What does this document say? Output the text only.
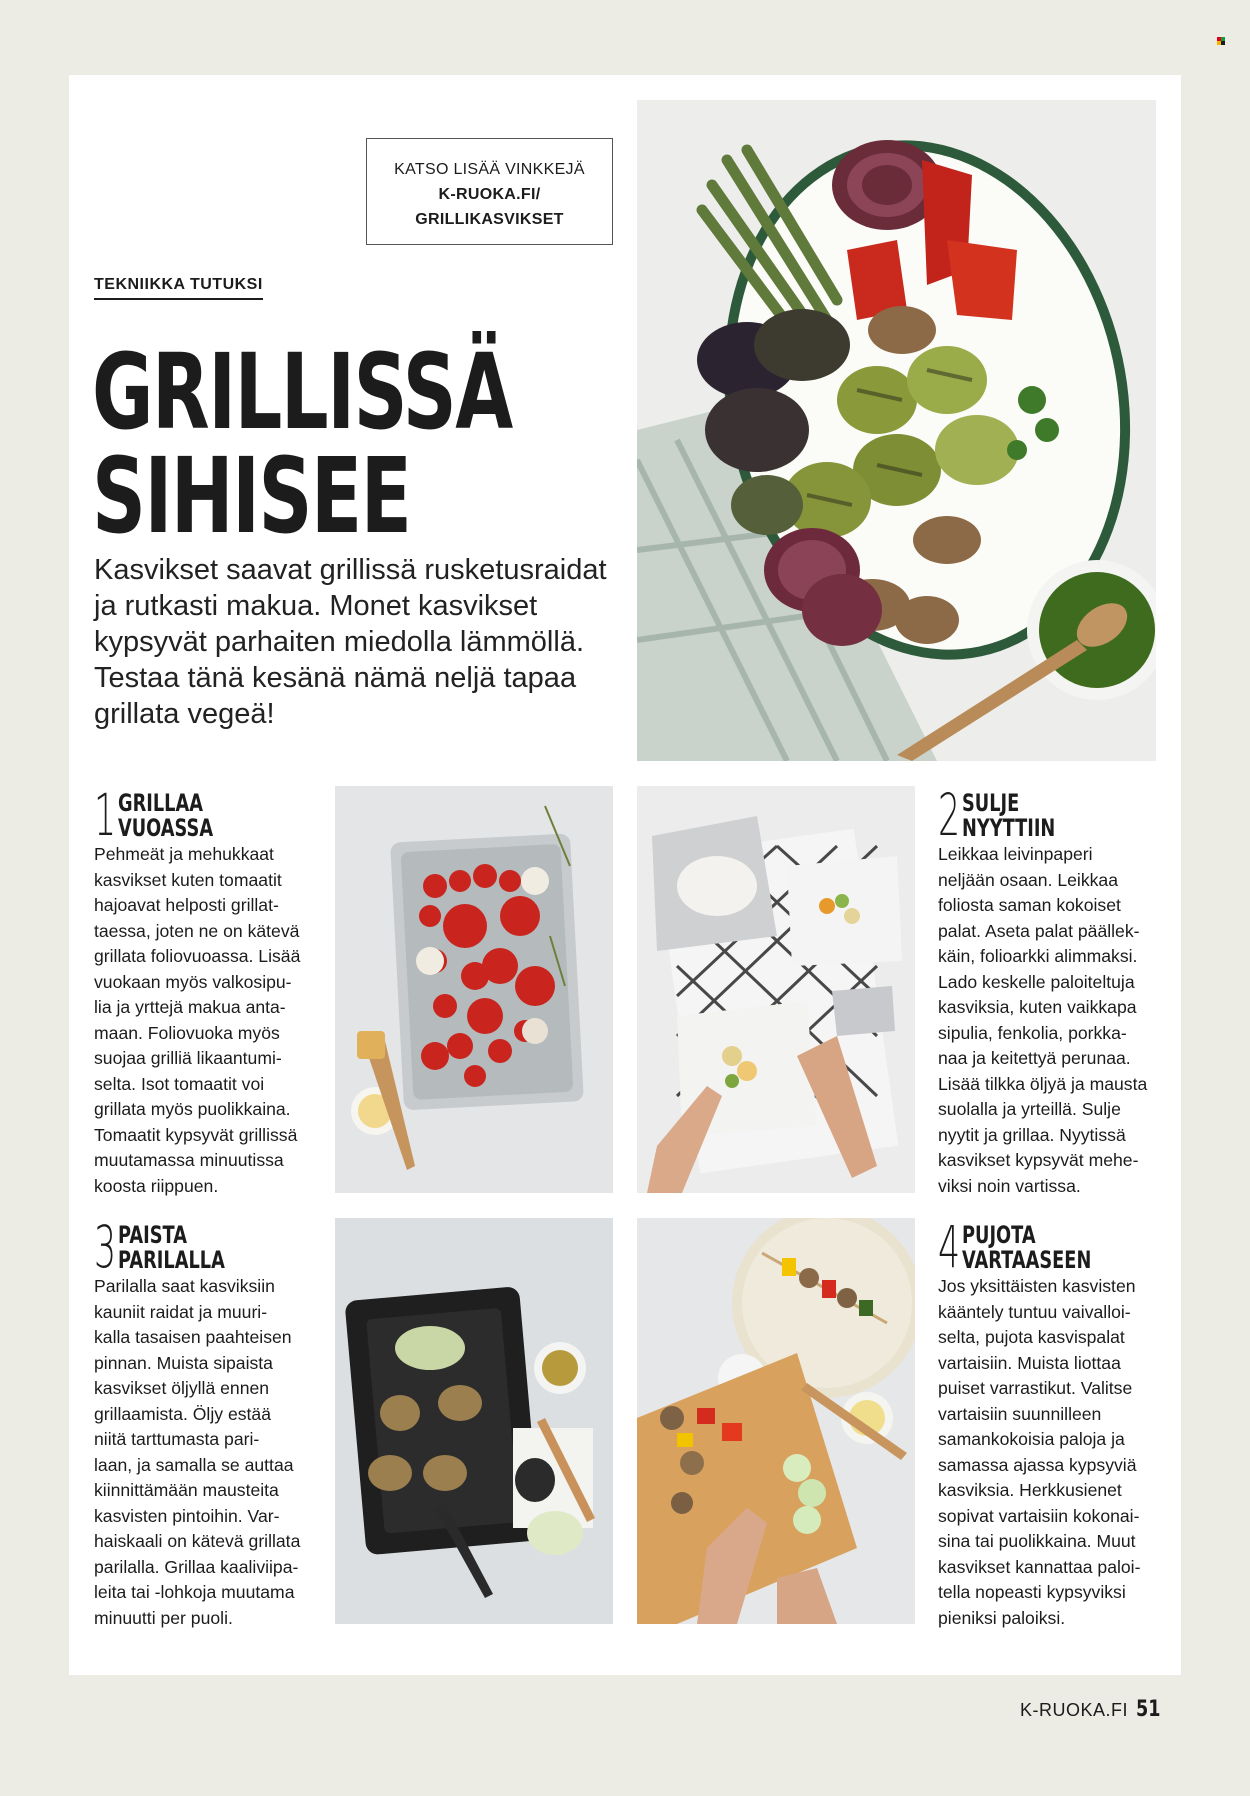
KATSO LISÄÄ VINKKEJÄ
K-RUOKA.FI/
GRILLIKASVIKSET
TEKNIIKKA TUTUKSI
GRILLISSÄ
SIHISEE

Kasvikset saavat grillissä rusketusraidat ja rutkasti makua. Monet kasvikset kypsyvät parhaiten miedolla lämmöllä. Testaa tänä kesänä nämä neljä tapaa grillata vegeä!

1 GRILLAA
VUOASSA
Pehmeät ja mehukkaat
kasvikset kuten tomaatit
hajoavat helposti grillat-
taessa, joten ne on kätevä
grillata foliovuoassa. Lisää
vuokaan myös valkosipu-
lia ja yrttejä makua anta-
maan. Foliovuoka myös
suojaa grilliä likaantumi-
selta. Isot tomaatit voi
grillata myös puolikkaina.
Tomaatit kypsyvät grillissä
muutamassa minuutissa
koosta riippuen.
2 SULJE
NYYTTIIN
Leikkaa leivinpaperi
neljään osaan. Leikkaa
foliosta saman kokoiset
palat. Aseta palat päällek-
käin, folioarkki alimmaksi.
Lado keskelle paloiteltuja
kasviksia, kuten vaikkapa
sipulia, fenkolia, porkka-
naa ja keitettyä perunaa.
Lisää tilkka öljyä ja mausta
suolalla ja yrteillä. Sulje
nyytit ja grillaa. Nyytissä
kasvikset kypsyvät mehe-
viksi noin vartissa.
3 PAISTA
PARILALLA
Parilalla saat kasviksiin
kauniit raidat ja muuri-
kalla tasaisen paahteisen
pinnan. Muista sipaista
kasvikset öljyllä ennen
grillaamista. Öljy estää
niitä tarttumasta pari-
laan, ja samalla se auttaa
kiinnittämään mausteita
kasvisten pintoihin. Var-
haiskaali on kätevä grillata
parilalla. Grillaa kaaliviipa-
leita tai -lohkoja muutama
minuutti per puoli.
4 PUJOTA
VARTAASEEN
Jos yksittäisten kasvisten
kääntely tuntuu vaivalloi-
selta, pujota kasvispalat
vartaisiin. Muista liottaa
puiset varrastikut. Valitse
vartaisiin suunnilleen
samankokoisia paloja ja
samassa ajassa kypsyviä
kasviksia. Herkkusienet
sopivat vartaisiin kokonai-
sina tai puolikkaina. Muut
kasvikset kannattaa paloi-
tella nopeasti kypsyviksi
pieniksi paloiksi.
K-RUOKA.FI 51
